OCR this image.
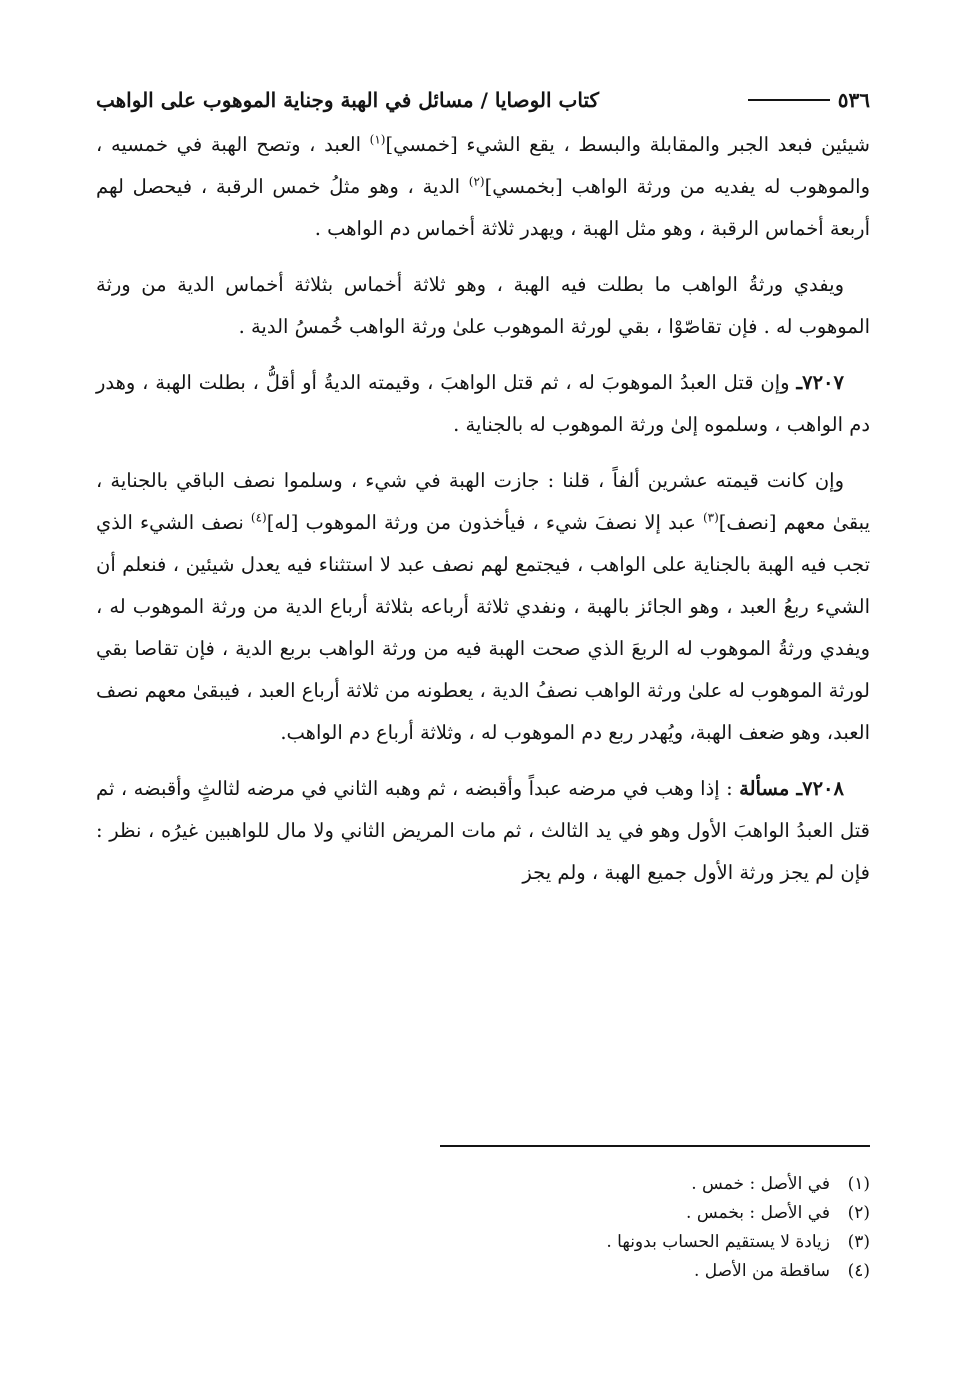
٥٣٦
كتاب الوصايا / مسائل في الهبة وجناية الموهوب على الواهب

شيئين فبعد الجبر والمقابلة والبسط ، يقع الشيء [خمسي]$^{(١)}$ العبد ، وتصح الهبة في خمسيه ، والموهوب له يفديه من ورثة الواهب [بخمسي]$^{(٢)}$ الدية ، وهو مثلُ خمس الرقبة ، فيحصل لهم أربعة أخماس الرقبة ، وهو مثل الهبة ، ويهدر ثلاثة أخماس دم الواهب .

ويفدي ورثةُ الواهب ما بطلت فيه الهبة ، وهو ثلاثة أخماس بثلاثة أخماس الدية من ورثة الموهوب له . فإن تقاصّوْا ، بقي لورثة الموهوب علىٰ ورثة الواهب خُمسُ الدية .

٧٢٠٧ـ وإن قتل العبدُ الموهوبَ له ، ثم قتل الواهبَ ، وقيمته الديةُ أو أقلُّ ، بطلت الهبة ، وهدر دم الواهب ، وسلموه إلىٰ ورثة الموهوب له بالجناية .

وإن كانت قيمته عشرين ألفاً ، قلنا : جازت الهبة في شيء ، وسلموا نصف الباقي بالجناية ، يبقىٰ معهم [نصف]$^{(٣)}$ عبد إلا نصفَ شيء ، فيأخذون من ورثة الموهوب [له]$^{(٤)}$ نصف الشيء الذي تجب فيه الهبة بالجناية على الواهب ، فيجتمع لهم نصف عبد لا استثناء فيه يعدل شيئين ، فنعلم أن الشيء ربعُ العبد ، وهو الجائز بالهبة ، ونفدي ثلاثة أرباعه بثلاثة أرباع الدية من ورثة الموهوب له ، ويفدي ورثةُ الموهوب له الربعَ الذي صحت الهبة فيه من ورثة الواهب بربع الدية ، فإن تقاصا بقي لورثة الموهوب له علىٰ ورثة الواهب نصفُ الدية ، يعطونه من ثلاثة أرباع العبد ، فيبقىٰ معهم نصف العبد، وهو ضعف الهبة، ويُهدر ربع دم الموهوب له ، وثلاثة أرباع دم الواهب.

٧٢٠٨ـ مسألة : إذا وهب في مرضه عبداً وأقبضه ، ثم وهبه الثاني في مرضه لثالثٍ وأقبضه ، ثم قتل العبدُ الواهبَ الأول وهو في يد الثالث ، ثم مات المريض الثاني ولا مال للواهبين غيرُه ، نظر : فإن لم يجز ورثة الأول جميع الهبة ، ولم يجز

(١)
في الأصل : خمس .
(٢)
في الأصل : بخمس .
(٣)
زيادة لا يستقيم الحساب بدونها .
(٤)
ساقطة من الأصل .
